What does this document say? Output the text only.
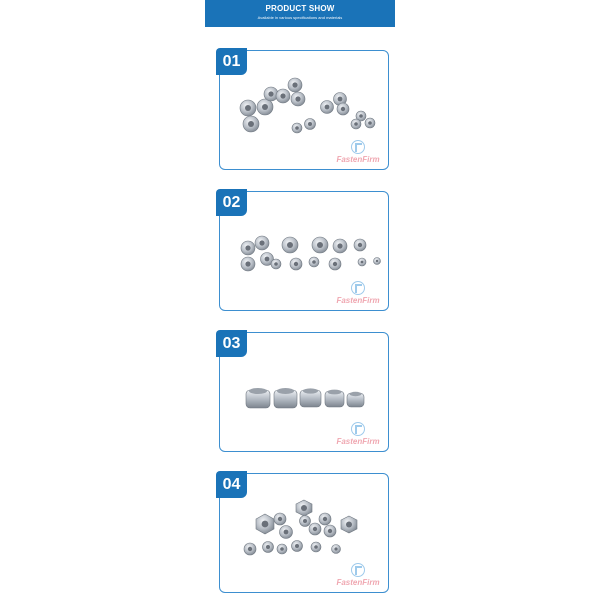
PRODUCT SHOW
Available in various specifications and materials
01
FastenFirm
02
FastenFirm
03
FastenFirm
04
FastenFirm
